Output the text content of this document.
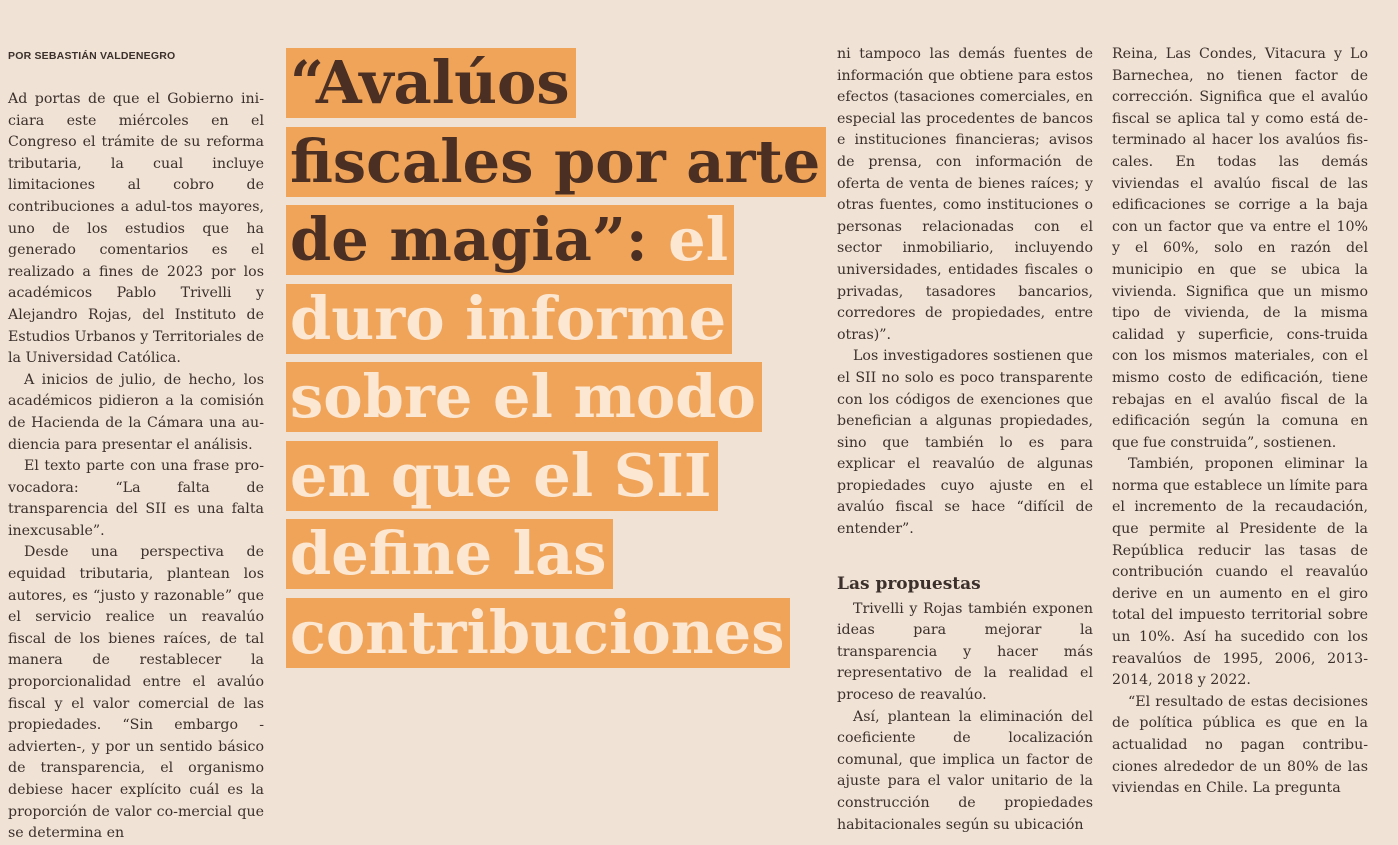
POR SEBASTIÁN VALDENEGRO

Ad portas de que el Gobierno ini-ciara este miércoles en el Congreso el trámite de su reforma tributaria, la cual incluye limitaciones al cobro de contribuciones a adul-tos mayores, uno de los estudios que ha generado comentarios es el realizado a fines de 2023 por los académicos Pablo Trivelli y Alejandro Rojas, del Instituto de Estudios Urbanos y Territoriales de la Universidad Católica.

A inicios de julio, de hecho, los académicos pidieron a la comisión de Hacienda de la Cámara una au-diencia para presentar el análisis.

El texto parte con una frase pro-vocadora: “La falta de transparencia del SII es una falta inexcusable”.

Desde una perspectiva de equidad tributaria, plantean los autores, es “justo y razonable” que el servicio realice un reavalúo fiscal de los bienes raíces, de tal manera de restablecer la proporcionalidad entre el avalúo fiscal y el valor comercial de las propiedades. “Sin embargo -advierten-, y por un sentido básico de transparencia, el organismo debiese hacer explícito cuál es la proporción de valor co-mercial que se determina en

“Avalúos
fiscales por arte
de magia”: el
duro informe
sobre el modo
en que el SII
define las
contribuciones

ni tampoco las demás fuentes de información que obtiene para estos efectos (tasaciones comerciales, en especial las procedentes de bancos e instituciones financieras; avisos de prensa, con información de oferta de venta de bienes raíces; y otras fuentes, como instituciones o personas relacionadas con el sector inmobiliario, incluyendo universidades, entidades fiscales o privadas, tasadores bancarios, corredores de propiedades, entre otras)”.

Los investigadores sostienen que el SII no solo es poco transparente con los códigos de exenciones que benefician a algunas propiedades, sino que también lo es para explicar el reavalúo de algunas propiedades cuyo ajuste en el avalúo fiscal se hace “difícil de entender”.

Las propuestas

Trivelli y Rojas también exponen ideas para mejorar la transparencia y hacer más representativo de la realidad el proceso de reavalúo.

Así, plantean la eliminación del coeficiente de localización comunal, que implica un factor de ajuste para el valor unitario de la construcción de propiedades habitacionales según su ubicación

Reina, Las Condes, Vitacura y Lo Barnechea, no tienen factor de corrección. Significa que el avalúo fiscal se aplica tal y como está de-terminado al hacer los avalúos fis-cales. En todas las demás viviendas el avalúo fiscal de las edificaciones se corrige a la baja con un factor que va entre el 10% y el 60%, solo en razón del municipio en que se ubica la vivienda. Significa que un mismo tipo de vivienda, de la misma calidad y superficie, cons-truida con los mismos materiales, con el mismo costo de edificación, tiene rebajas en el avalúo fiscal de la edificación según la comuna en que fue construida”, sostienen.

También, proponen eliminar la norma que establece un límite para el incremento de la recaudación, que permite al Presidente de la República reducir las tasas de contribución cuando el reavalúo derive en un aumento en el giro total del impuesto territorial sobre un 10%. Así ha sucedido con los reavalúos de 1995, 2006, 2013-2014, 2018 y 2022.

“El resultado de estas decisiones de política pública es que en la actualidad no pagan contribu-ciones alrededor de un 80% de las viviendas en Chile. La pregunta
